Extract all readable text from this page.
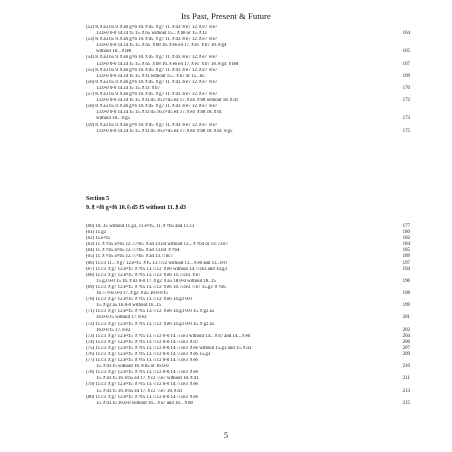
Its Past, Present & Future
(52) 8.♗a3 b5 9.♗a6 g×6 10.♗d5 ♗g7 11.♗d3 ♕e7 12.♗e7 ♕e7
13.0-0 0-0 14.c4 f5 15.♗h5 without 15...♗b8 or 15.♗f3	164
(53) 8.♗a3 b5 9.♗a6 g×6 10.♗d5 ♗g7 11.♗d3 ♕e7 12.♗e7 ♕e7
13.0-0 0-0 14.c4 f5 15.♗h5 ♗b8 16.♗e6 e4 17.♗e1 ♗b7 18.♕g4
without 18...♗fe8	165
(54) 8.♗a3 b5 9.♗a6 g×6 10.♗d5 ♗g7 11.♗d3 ♕e7 12.♗e7 ♕e7
13.0-0 0-0 14.c4 f5 15.♗h5 ♗b8 16.♗e6 e4 17.♗e1 ♗b7 18.♕g4 ♗fe8	167
(55) 8.♗a3 b5 9.♗a6 g×6 10.♗d5 ♗g7 11.♗d3 ♕e7 12.♗e7 ♕e7
13.0-0 0-0 14.c4 f5 15.♗f3 without 15...♗b7 or 15...d5	169
(56) 8.♗a3 b5 9.♗a6 g×6 10.♗d5 ♗g7 11.♗d3 ♕e7 12.♗e7 ♕e7
13.0-0 0-0 14.c4 f5 15.♗f3 ♗b7	170
(57) 8.♗a3 b5 9.♗a6 g×6 10.♗d5 ♗g7 11.♗d3 ♕e7 12.♗e7 ♕e7
13.0-0 0-0 14.c4 f5 15.♗f3 d5 16.c×d5 e4 17.♗e4 ♗b8 without 18.♗d1	172
(58) 8.♗a3 b5 9.♗a6 g×6 10.♗d5 ♗g7 11.♗d3 ♕e7 12.♗e7 ♕e7
13.0-0 0-0 14.c4 f5 15.♗f3 d5 16.c×d5 e4 17.♗e4 ♗b8 18.♗d1
without 18...♕g5	173
(59) 8.♗a3 b5 9.♗a6 g×6 10.♗d5 ♗g7 11.♗d3 ♕e7 12.♗e7 ♕e7
13.0-0 0-0 14.c4 f5 15.♗f3 d5 16.c×d5 e4 17.♗e4 ♗b8 18.♗d1 ♕g5	175
Section 5
9.♗×f6 g×f6 10.♘d5 f5 without 11.♗d3
(60) 10...f5 without 11.g3, 11.e×f5, 11.♗×b5 and 11.c3	177
(61) 11.g3	180
(62) 11.e×f5	182
(63) 11.♗×b5 a×b5 12.♘×b5 ♗a4 13.b4 without 13...♗×b4 or 13.♘bc7	184
(64) 11.♗×b5 a×b5 12.♘×b5 ♗a4 13.b4 ♗×b4	185
(65) 11.♗×b5 a×b5 12.♘×b5 ♗a4 13.♘bc7	189
(66) 11.c3 11...♗g7 12.e×f5 ♗f5 13.♘c2 without 13...♗e6 and 13...0-0	197
(67) 11.c3 ♗g7 12.e×f5 ♗×f5 13.♘c2 ♗e6 without 14.♘ce3 and 14.g3	194
(68) 11.c3 ♗g7 12.e×f5 ♗×f5 13.♘c2 ♗e6 14.♘ce3 ♗e7
15.g3 0-0 15 16.♗d3 0-0 17.♗g2 ♗a5 18.0-0 without 18...f5	196
(69) 11.c3 ♗g7 12.e×f5 ♗×f5 13.♘c2 ♗e6 14.♘ce3 ♘e7 15.g3 ♗×d5
16.♘×d5 0-0 17.♗g2 ♗a5 18.0-0 f5	198
(70) 11.c3 ♗g7 12.e×f5 ♗×f5 13.♘c2 ♗e6 14.g3 0-0
15.♗g2 a5 16.0-0 without 16...f5	199
(71) 11.c3 ♗g7 12.e×f5 ♗×f5 13.♘c2 ♗e6 14.g3 0-0 15.♗g2 a5
16.0-0 f5 without 17.♕e2	201
(72) 11.c3 ♗g7 12.e×f5 ♗×f5 13.♘c2 ♗e6 14.g3 0-0 15.♗g2 a5
16.0-0 f5 17.♕e2	202
(73) 11.c3 ♗g7 12.e×f5 ♗×f5 13.♘c2 0-0 14.♘ce3 without 14...♗d7 and 14...♗e6	204
(74) 11.c3 ♗g7 12.e×f5 ♗×f5 13.♘c2 0-0 14.♘ce3 ♗d7	206
(75) 11.c3 ♗g7 12.e×f5 ♗×f5 13.♘c2 0-0 14.♘ce3 ♗e6 without 15.g3 and 15.♗d3	207
(76) 11.c3 ♗g7 12.e×f5 ♗×f5 13.♘c2 0-0 14.♘ce3 ♗e6 15.g3	209
(77) 11.c3 ♗g7 12.e×f5 ♗×f5 13.♘c2 0-0 14.♘ce3 ♗e6
15.♗d3 f5 without 16.♕h5 or 16.0-0	210
(78) 11.c3 ♗g7 12.e×f5 ♗×f5 13.♘c2 0-0 14.♘ce3 ♗e6
15.♗d3 f5 16.♕h5 e4 17.♗c2 ♘e7 without 18.♗d1	211
(79) 11.c3 ♗g7 12.e×f5 ♗×f5 13.♘c2 0-0 14.♘ce3 ♗e6
15.♗d3 f5 16.♕h5 e4 17.♗c2 ♘e7 18.♗d1	213
(80) 11.c3 ♗g7 12.e×f5 ♗×f5 13.♘c2 0-0 14.♘ce3 ♗e6
15.♗d3 f5 16.0-0 without 16...♗a7 and 16...♗b8	215
5
